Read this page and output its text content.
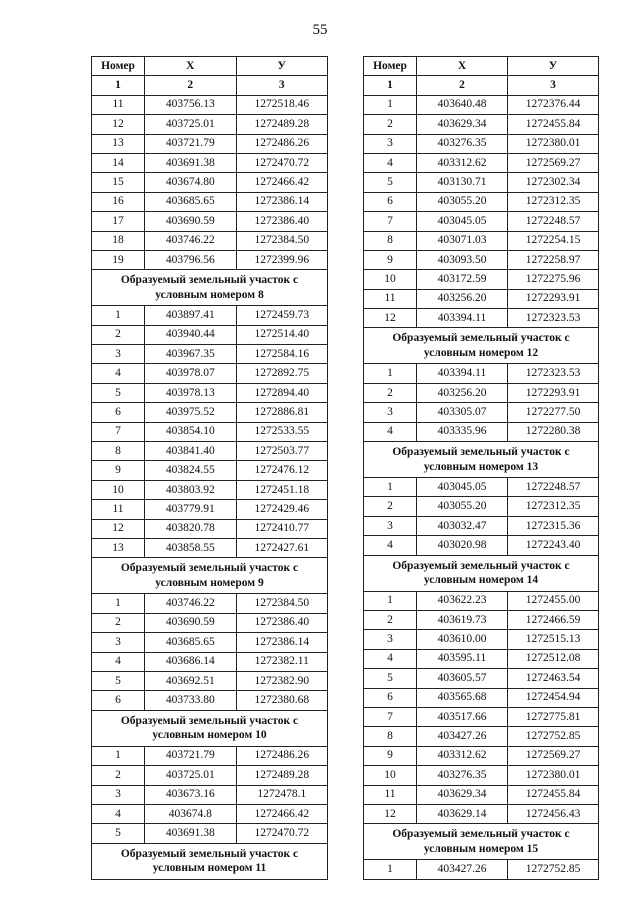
55
Номер	X	У
1	2	3
11	403756.13	1272518.46
12	403725.01	1272489.28
13	403721.79	1272486.26
14	403691.38	1272470.72
15	403674.80	1272466.42
16	403685.65	1272386.14
17	403690.59	1272386.40
18	403746.22	1272384.50
19	403796.56	1272399.96
Образуемый земельный участок с условным номером 8		
1	403897.41	1272459.73
2	403940.44	1272514.40
3	403967.35	1272584.16
4	403978.07	1272892.75
5	403978.13	1272894.40
6	403975.52	1272886.81
7	403854.10	1272533.55
8	403841.40	1272503.77
9	403824.55	1272476.12
10	403803.92	1272451.18
11	403779.91	1272429.46
12	403820.78	1272410.77
13	403858.55	1272427.61
Образуемый земельный участок с условным номером 9		
1	403746.22	1272384.50
2	403690.59	1272386.40
3	403685.65	1272386.14
4	403686.14	1272382.11
5	403692.51	1272382.90
6	403733.80	1272380.68
Образуемый земельный участок с условным номером 10		
1	403721.79	1272486.26
2	403725.01	1272489.28
3	403673.16	1272478.1
4	403674.8	1272466.42
5	403691.38	1272470.72
Образуемый земельный участок с условным номером 11		
Номер	X	У
1	2	3
1	403640.48	1272376.44
2	403629.34	1272455.84
3	403276.35	1272380.01
4	403312.62	1272569.27
5	403130.71	1272302.34
6	403055.20	1272312.35
7	403045.05	1272248.57
8	403071.03	1272254.15
9	403093.50	1272258.97
10	403172.59	1272275.96
11	403256.20	1272293.91
12	403394.11	1272323.53
Образуемый земельный участок с условным номером 12		
1	403394.11	1272323.53
2	403256.20	1272293.91
3	403305.07	1272277.50
4	403335.96	1272280.38
Образуемый земельный участок с условным номером 13		
1	403045.05	1272248.57
2	403055.20	1272312.35
3	403032.47	1272315.36
4	403020.98	1272243.40
Образуемый земельный участок с условным номером 14		
1	403622.23	1272455.00
2	403619.73	1272466.59
3	403610.00	1272515.13
4	403595.11	1272512.08
5	403605.57	1272463.54
6	403565.68	1272454.94
7	403517.66	1272775.81
8	403427.26	1272752.85
9	403312.62	1272569.27
10	403276.35	1272380.01
11	403629.34	1272455.84
12	403629.14	1272456.43
Образуемый земельный участок с условным номером 15		
1	403427.26	1272752.85
